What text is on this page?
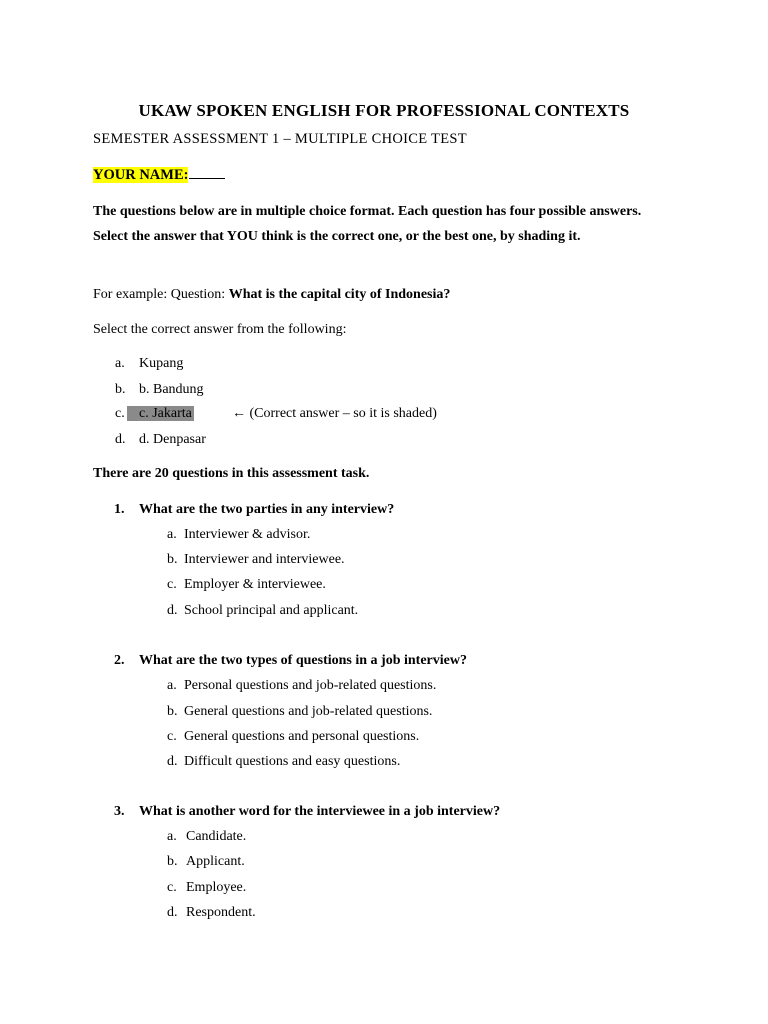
UKAW SPOKEN ENGLISH FOR PROFESSIONAL CONTEXTS
SEMESTER ASSESSMENT 1 – MULTIPLE CHOICE TEST
YOUR NAME:
The questions below are in multiple choice format. Each question has four possible answers. Select the answer that YOU think is the correct one, or the best one, by shading it.
For example: Question: What is the capital city of Indonesia?
Select the correct answer from the following:
a. Kupang
b. b. Bandung
c.	c. Jakarta	← (Correct answer – so it is shaded)
d. d. Denpasar
There are 20 questions in this assessment task.
1. What are the two parties in any interview?
a. Interviewer & advisor.
b. Interviewer and interviewee.
c. Employer & interviewee.
d. School principal and applicant.
2. What are the two types of questions in a job interview?
a. Personal questions and job-related questions.
b. General questions and job-related questions.
c. General questions and personal questions.
d. Difficult questions and easy questions.
3. What is another word for the interviewee in a job interview?
a. Candidate.
b. Applicant.
c. Employee.
d. Respondent.
